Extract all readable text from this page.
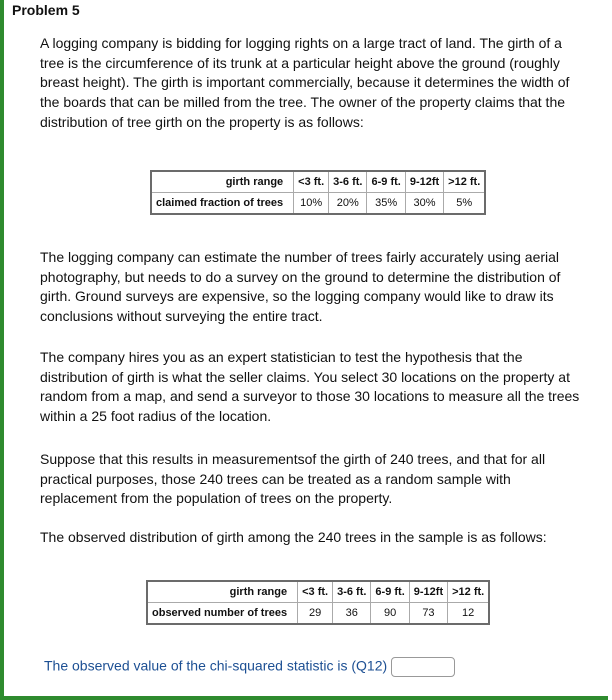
Problem 5
A logging company is bidding for logging rights on a large tract of land. The girth of a tree is the circumference of its trunk at a particular height above the ground (roughly breast height). The girth is important commercially, because it determines the width of the boards that can be milled from the tree. The owner of the property claims that the distribution of tree girth on the property is as follows:
girth range	<3 ft.	3-6 ft.	6-9 ft.	9-12ft	>12 ft.
claimed fraction of trees	10%	20%	35%	30%	5%
The logging company can estimate the number of trees fairly accurately using aerial photography, but needs to do a survey on the ground to determine the distribution of girth. Ground surveys are expensive, so the logging company would like to draw its conclusions without surveying the entire tract.
The company hires you as an expert statistician to test the hypothesis that the distribution of girth is what the seller claims. You select 30 locations on the property at random from a map, and send a surveyor to those 30 locations to measure all the trees within a 25 foot radius of the location.
Suppose that this results in measurementsof the girth of 240 trees, and that for all practical purposes, those 240 trees can be treated as a random sample with replacement from the population of trees on the property.
The observed distribution of girth among the 240 trees in the sample is as follows:
girth range	<3 ft.	3-6 ft.	6-9 ft.	9-12ft	>12 ft.
observed number of trees	29	36	90	73	12
The observed value of the chi-squared statistic is (Q12)
